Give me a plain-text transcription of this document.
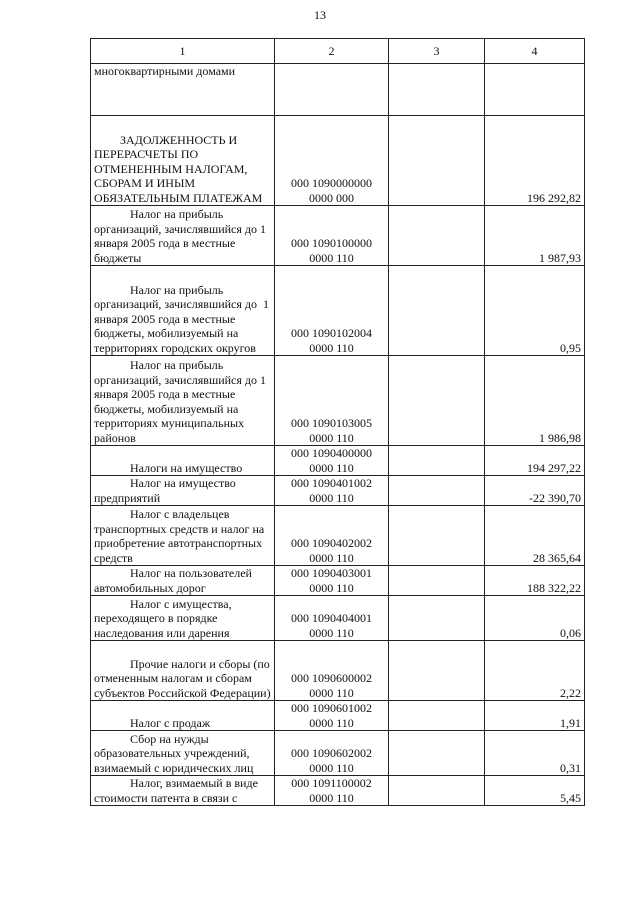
13
1	2	3	4
многоквартирными домами			
ЗАДОЛЖЕННОСТЬ И ПЕРЕРАСЧЕТЫ ПО ОТМЕНЕННЫМ НАЛОГАМ, СБОРАМ И ИНЫМ ОБЯЗАТЕЛЬНЫМ ПЛАТЕЖАМ	000 1090000000 0000 000		196 292,82
Налог на прибыль организаций, зачислявшийся до 1 января 2005 года в местные бюджеты	000 1090100000 0000 110		1 987,93
Налог на прибыль организаций, зачислявшийся до  1 января 2005 года в местные бюджеты, мобилизуемый на территориях городских округов	000 1090102004 0000 110		0,95
Налог на прибыль организаций, зачислявшийся до 1 января 2005 года в местные бюджеты, мобилизуемый на территориях муниципальных районов	000 1090103005 0000 110		1 986,98
Налоги на имущество	000 1090400000 0000 110		194 297,22
Налог на имущество предприятий	000 1090401002 0000 110		-22 390,70
Налог с владельцев транспортных средств и налог на приобретение автотранспортных средств	000 1090402002 0000 110		28 365,64
Налог на пользователей автомобильных дорог	000 1090403001 0000 110		188 322,22
Налог с имущества, переходящего в порядке наследования или дарения	000 1090404001 0000 110		0,06
Прочие налоги и сборы (по отмененным налогам и сборам субъектов Российской Федерации)	000 1090600002 0000 110		2,22
Налог с продаж	000 1090601002 0000 110		1,91
Сбор на нужды образовательных учреждений, взимаемый с юридических лиц	000 1090602002 0000 110		0,31
Налог, взимаемый в виде стоимости патента в связи с	000 1091100002 0000 110		5,45
